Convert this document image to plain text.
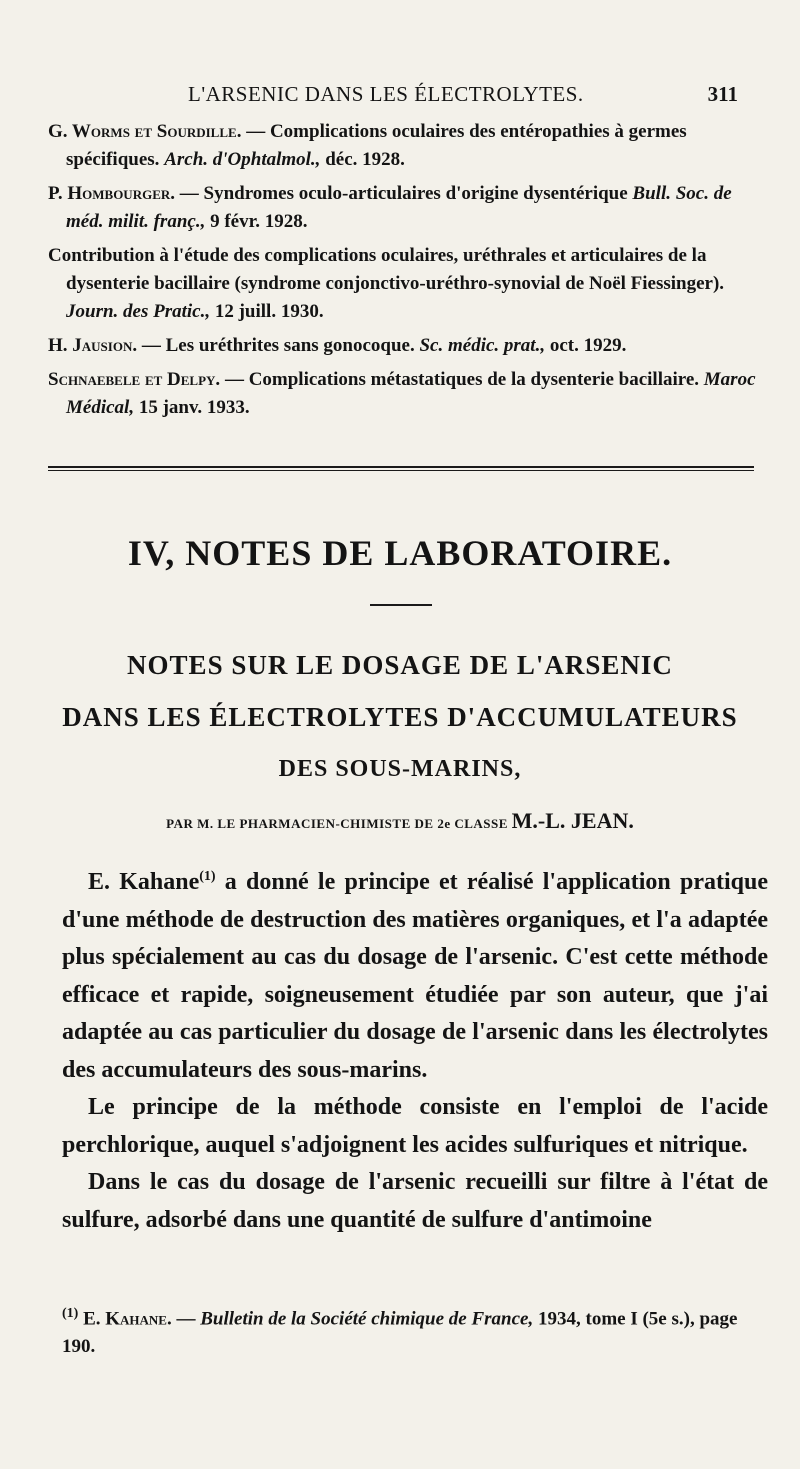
L'ARSENIC DANS LES ÉLECTROLYTES.	311

G. Worms et Sourdille. — Complications oculaires des entéropathies à germes spécifiques. Arch. d'Ophtalmol., déc. 1928.

P. Hombourger. — Syndromes oculo-articulaires d'origine dysentérique Bull. Soc. de méd. milit. franç., 9 févr. 1928.

Contribution à l'étude des complications oculaires, uréthrales et articulaires de la dysenterie bacillaire (syndrome conjonctivo-uréthro-synovial de Noël Fiessinger). Journ. des Pratic., 12 juill. 1930.

H. Jausion. — Les uréthrites sans gonocoque. Sc. médic. prat., oct. 1929.

Schnaebele et Delpy. — Complications métastatiques de la dysenterie bacillaire. Maroc Médical, 15 janv. 1933.

IV, NOTES DE LABORATOIRE.
NOTES SUR LE DOSAGE DE L'ARSENIC
DANS LES ÉLECTROLYTES D'ACCUMULATEURS
DES SOUS-MARINS,
PAR M. LE PHARMACIEN-CHIMISTE DE 2e CLASSE M.-L. JEAN.

E. Kahane$^{(1)}$ a donné le principe et réalisé l'application pratique d'une méthode de destruction des matières organiques, et l'a adaptée plus spécialement au cas du dosage de l'arsenic. C'est cette méthode efficace et rapide, soigneusement étudiée par son auteur, que j'ai adaptée au cas particulier du dosage de l'arsenic dans les électrolytes des accumulateurs des sous-marins.

Le principe de la méthode consiste en l'emploi de l'acide perchlorique, auquel s'adjoignent les acides sulfuriques et nitrique.

Dans le cas du dosage de l'arsenic recueilli sur filtre à l'état de sulfure, adsorbé dans une quantité de sulfure d'antimoine

$^{(1)}$ E. Kahane. — Bulletin de la Société chimique de France, 1934, tome I (5e s.), page 190.
